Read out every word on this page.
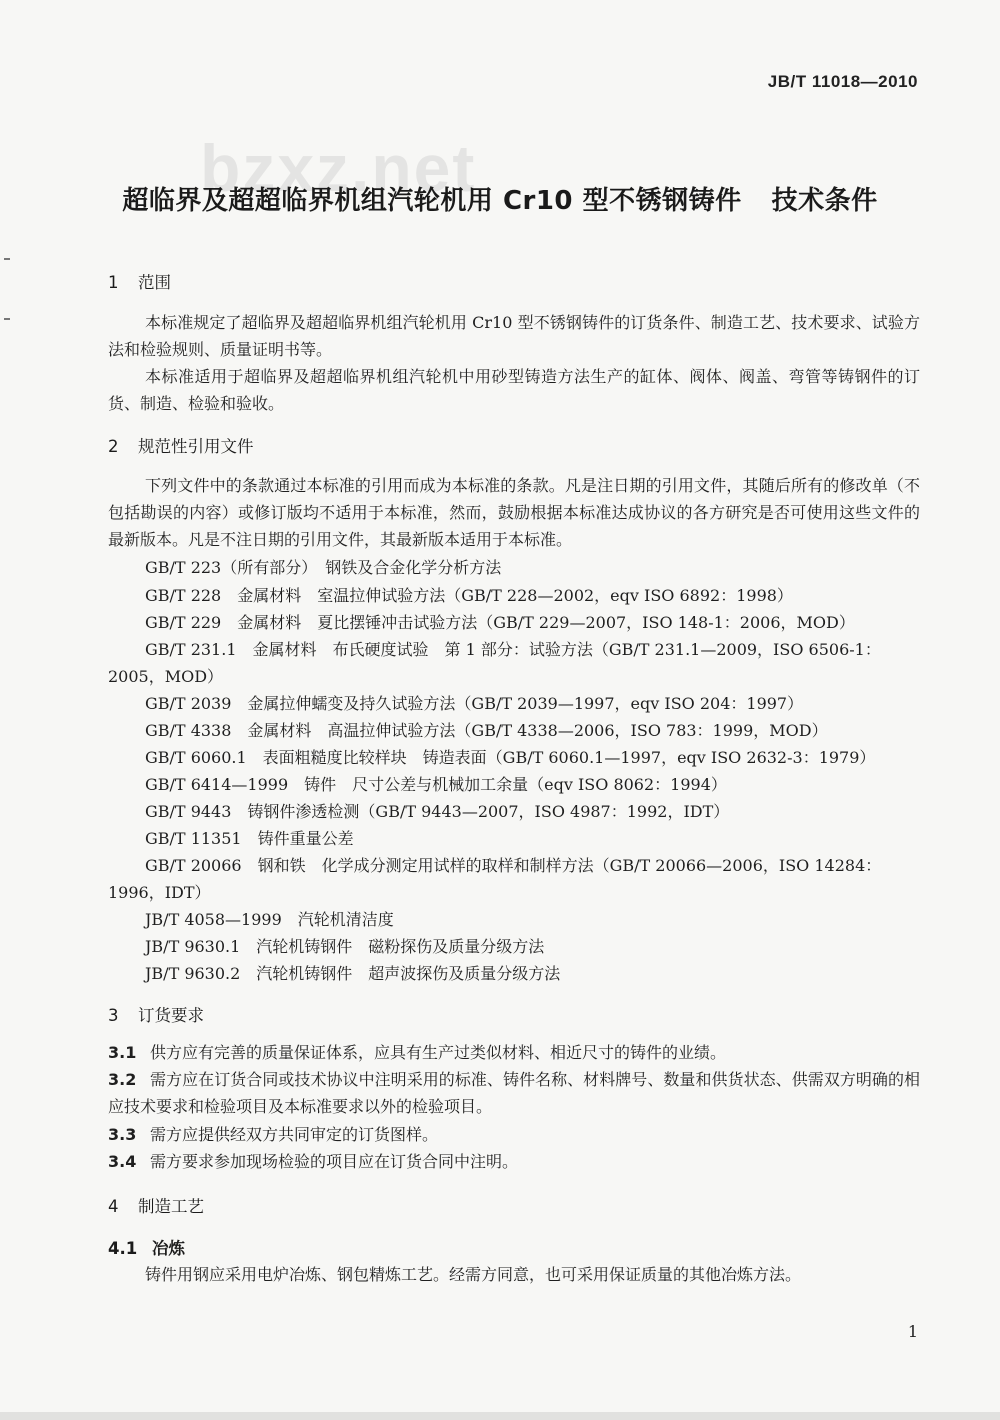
bzxz.net
JB/T 11018—2010
超临界及超超临界机组汽轮机用 Cr10 型不锈钢铸件 技术条件
1 范围
本标准规定了超临界及超超临界机组汽轮机用 Cr10 型不锈钢铸件的订货条件、制造工艺、技术要求、试验方法和检验规则、质量证明书等。
本标准适用于超临界及超超临界机组汽轮机中用砂型铸造方法生产的缸体、阀体、阀盖、弯管等铸钢件的订货、制造、检验和验收。
2 规范性引用文件
下列文件中的条款通过本标准的引用而成为本标准的条款。凡是注日期的引用文件，其随后所有的修改单（不包括勘误的内容）或修订版均不适用于本标准，然而，鼓励根据本标准达成协议的各方研究是否可使用这些文件的最新版本。凡是不注日期的引用文件，其最新版本适用于本标准。
GB/T 223（所有部分）　钢铁及合金化学分析方法
GB/T 228　金属材料　室温拉伸试验方法（GB/T 228—2002，eqv ISO 6892：1998）
GB/T 229　金属材料　夏比摆锤冲击试验方法（GB/T 229—2007，ISO 148-1：2006，MOD）
GB/T 231.1　金属材料　布氏硬度试验　第 1 部分：试验方法（GB/T 231.1—2009，ISO 6506-1：
2005，MOD）
GB/T 2039　金属拉伸蠕变及持久试验方法（GB/T 2039—1997，eqv ISO 204：1997）
GB/T 4338　金属材料　高温拉伸试验方法（GB/T 4338—2006，ISO 783：1999，MOD）
GB/T 6060.1　表面粗糙度比较样块　铸造表面（GB/T 6060.1—1997，eqv ISO 2632-3：1979）
GB/T 6414—1999　铸件　尺寸公差与机械加工余量（eqv ISO 8062：1994）
GB/T 9443　铸钢件渗透检测（GB/T 9443—2007，ISO 4987：1992，IDT）
GB/T 11351　铸件重量公差
GB/T 20066　钢和铁　化学成分测定用试样的取样和制样方法（GB/T 20066—2006，ISO 14284：
1996，IDT）
JB/T 4058—1999　汽轮机清洁度
JB/T 9630.1　汽轮机铸钢件　磁粉探伤及质量分级方法
JB/T 9630.2　汽轮机铸钢件　超声波探伤及质量分级方法
3 订货要求
3.1 供方应有完善的质量保证体系，应具有生产过类似材料、相近尺寸的铸件的业绩。
3.2 需方应在订货合同或技术协议中注明采用的标准、铸件名称、材料牌号、数量和供货状态、供需双方明确的相应技术要求和检验项目及本标准要求以外的检验项目。
3.3 需方应提供经双方共同审定的订货图样。
3.4 需方要求参加现场检验的项目应在订货合同中注明。
4 制造工艺
4.1 冶炼
铸件用钢应采用电炉冶炼、钢包精炼工艺。经需方同意，也可采用保证质量的其他冶炼方法。
1
